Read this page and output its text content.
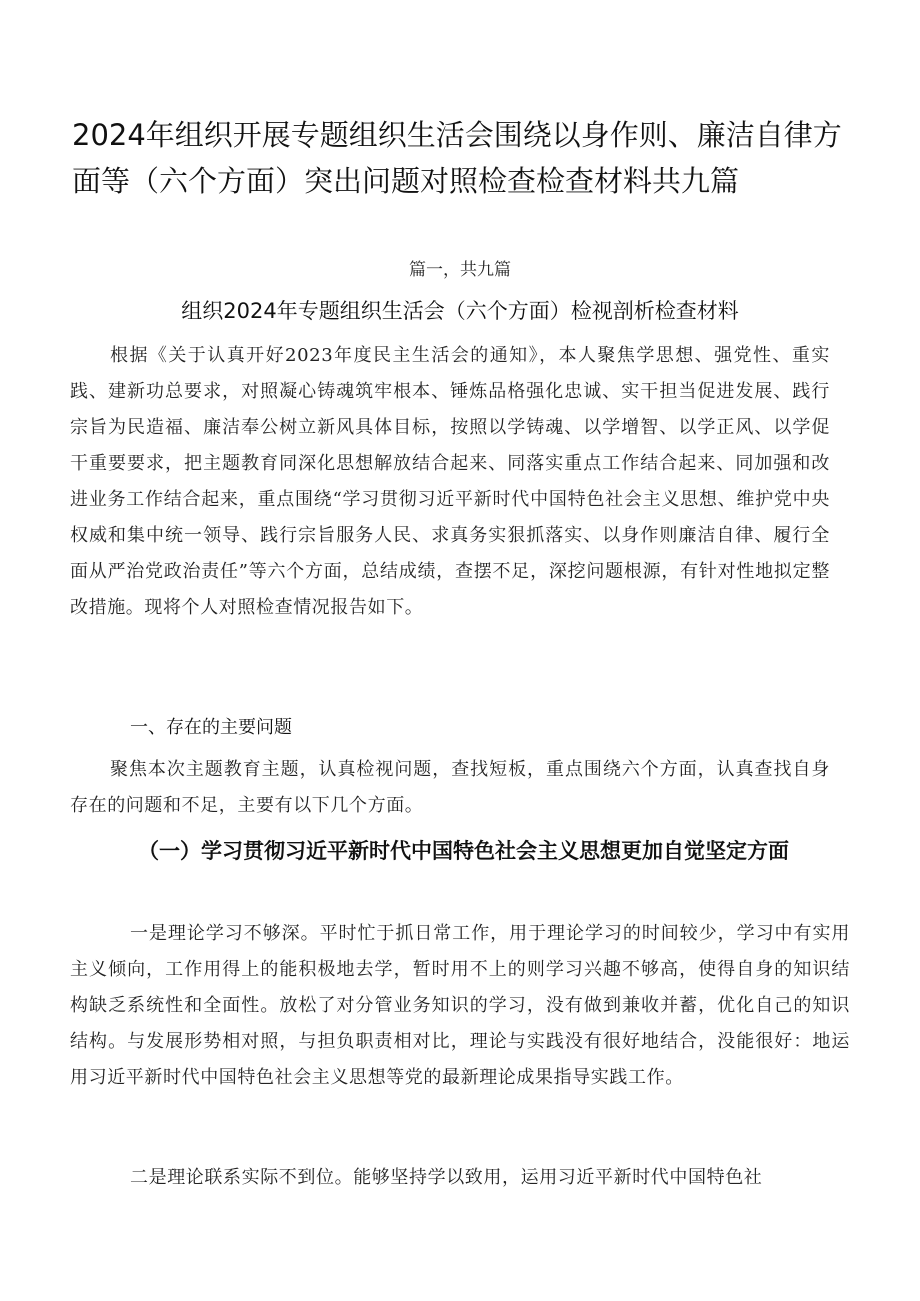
2024年组织开展专题组织生活会围绕以身作则、廉洁自律方面等（六个方面）突出问题对照检查检查材料共九篇
篇一，共九篇
组织2024年专题组织生活会（六个方面）检视剖析检查材料

根据《关于认真开好2023年度民主生活会的通知》，本人聚焦学思想、强党性、重实践、建新功总要求，对照凝心铸魂筑牢根本、锤炼品格强化忠诚、实干担当促进发展、践行宗旨为民造福、廉洁奉公树立新风具体目标，按照以学铸魂、以学增智、以学正风、以学促干重要要求，把主题教育同深化思想解放结合起来、同落实重点工作结合起来、同加强和改进业务工作结合起来，重点围绕“学习贯彻习近平新时代中国特色社会主义思想、维护党中央权威和集中统一领导、践行宗旨服务人民、求真务实狠抓落实、以身作则廉洁自律、履行全面从严治党政治责任”等六个方面，总结成绩，查摆不足，深挖问题根源，有针对性地拟定整改措施。现将个人对照检查情况报告如下。

一、存在的主要问题

聚焦本次主题教育主题，认真检视问题，查找短板，重点围绕六个方面，认真查找自身存在的问题和不足，主要有以下几个方面。

（一）学习贯彻习近平新时代中国特色社会主义思想更加自觉坚定方面

一是理论学习不够深。平时忙于抓日常工作，用于理论学习的时间较少，学习中有实用主义倾向，工作用得上的能积极地去学，暂时用不上的则学习兴趣不够高，使得自身的知识结构缺乏系统性和全面性。放松了对分管业务知识的学习，没有做到兼收并蓄，优化自己的知识结构。与发展形势相对照，与担负职责相对比，理论与实践没有很好地结合，没能很好：地运用习近平新时代中国特色社会主义思想等党的最新理论成果指导实践工作。

二是理论联系实际不到位。能够坚持学以致用，运用习近平新时代中国特色社
